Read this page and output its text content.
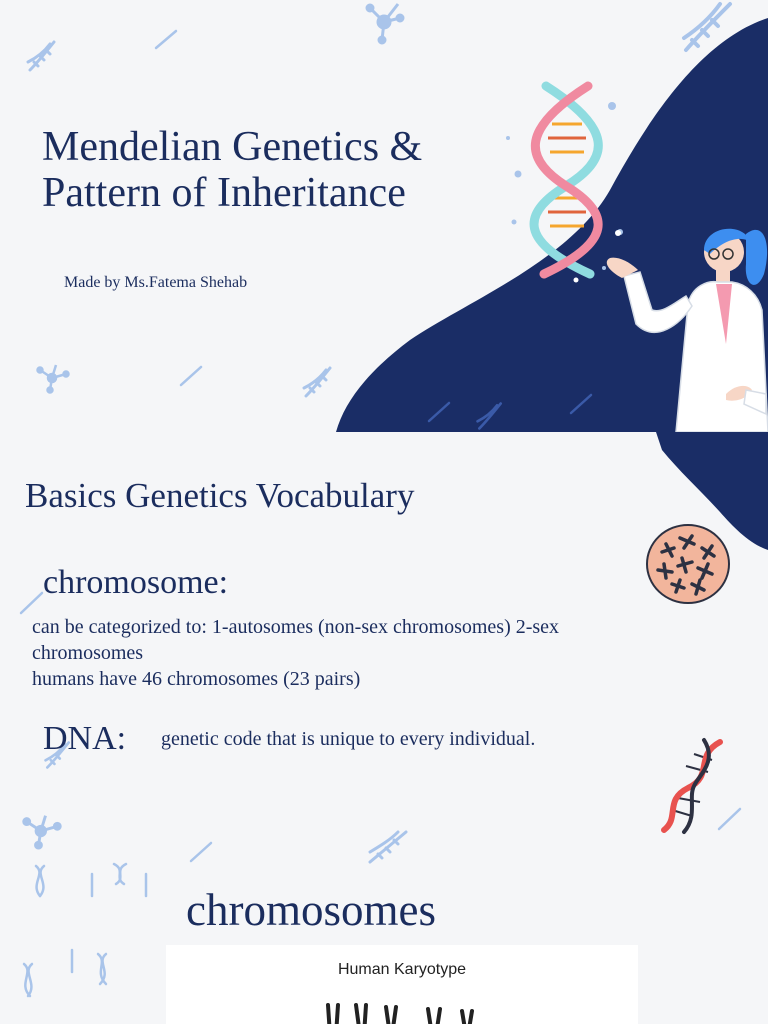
Mendelian Genetics &
Pattern of Inheritance
Made by Ms.Fatema Shehab
Basics Genetics Vocabulary
chromosome:
can be categorized to: 1-autosomes (non-sex chromosomes) 2-sex
chromosomes
humans have 46 chromosomes (23 pairs)
DNA: genetic code that is unique to every individual.
chromosomes
Human Karyotype
